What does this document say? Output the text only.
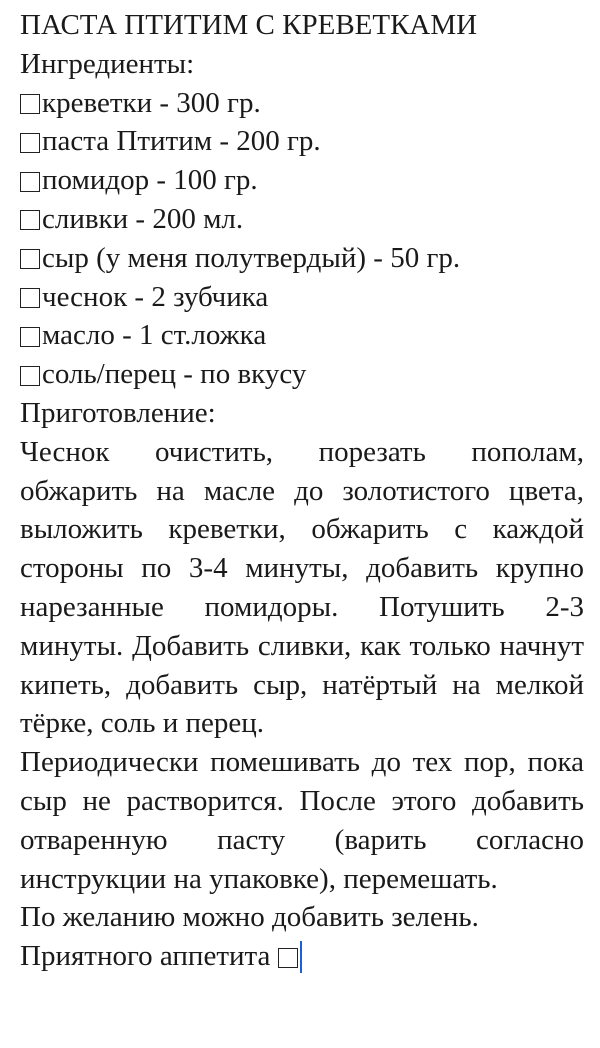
ПАСТА ПТИТИМ С КРЕВЕТКАМИ
Ингредиенты:
креветки - 300 гр.
паста Птитим - 200 гр.
помидор - 100 гр.
сливки - 200 мл.
сыр (у меня полутвердый) - 50 гр.
чеснок - 2 зубчика
масло - 1 ст.ложка
соль/перец - по вкусу
Приготовление:

Чеснок очистить, порезать пополам, обжарить на масле до золотистого цвета, выложить креветки, обжарить с каждой стороны по 3-4 минуты, добавить крупно нарезанные помидоры. Потушить 2-3 минуты. Добавить сливки, как только начнут кипеть, добавить сыр, натёртый на мелкой тёрке, соль и перец.

Периодически помешивать до тех пор, пока сыр не растворится. После этого добавить отваренную пасту (варить согласно инструкции на упаковке), перемешать.

По желанию можно добавить зелень.
Приятного аппетита
